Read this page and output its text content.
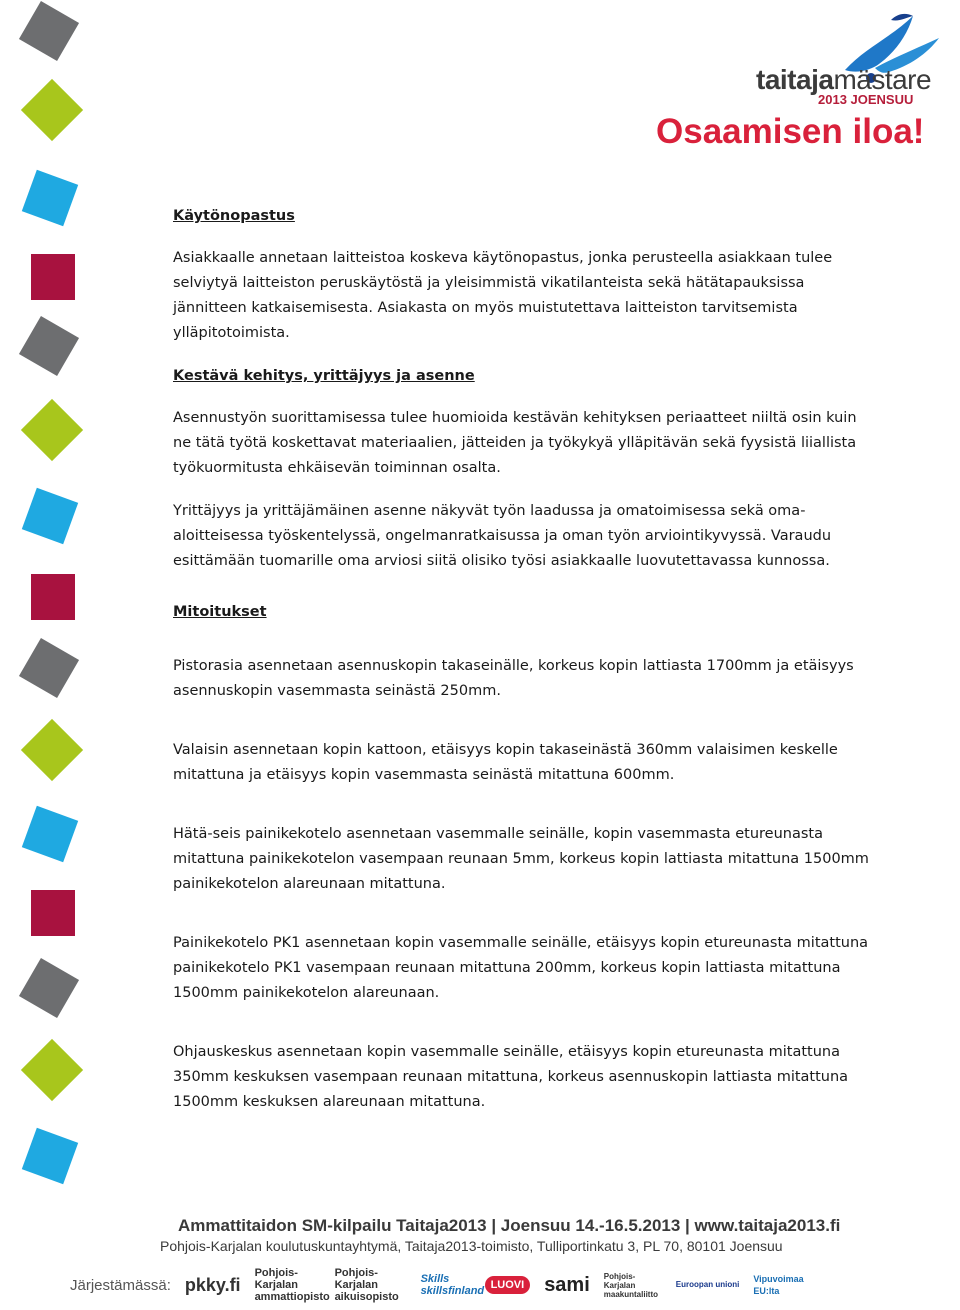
taitajamästare
2013 JOENSUU
Osaamisen iloa!
Käytönopastus

Asiakkaalle annetaan laitteistoa koskeva käytönopastus, jonka perusteella asiakkaan tulee selviytyä laitteiston peruskäytöstä ja yleisimmistä vikatilanteista sekä hätätapauksissa jännitteen katkaisemisesta. Asiakasta on myös muistutettava laitteiston tarvitsemista ylläpitotoimista.

Kestävä kehitys, yrittäjyys ja asenne

Asennustyön suorittamisessa tulee huomioida kestävän kehityksen periaatteet niiltä osin kuin ne tätä työtä koskettavat materiaalien, jätteiden ja työkykyä ylläpitävän sekä fyysistä liiallista työkuormitusta ehkäisevän toiminnan osalta.

Yrittäjyys ja yrittäjämäinen asenne näkyvät työn laadussa ja omatoimisessa sekä oma-aloitteisessa työskentelyssä, ongelmanratkaisussa ja oman työn arviointikyvyssä. Varaudu esittämään tuomarille oma arviosi siitä olisiko työsi asiakkaalle luovutettavassa kunnossa.

Mitoitukset

Pistorasia asennetaan asennuskopin takaseinälle, korkeus kopin lattiasta 1700mm ja etäisyys asennuskopin vasemmasta seinästä 250mm.

Valaisin asennetaan kopin kattoon, etäisyys kopin takaseinästä 360mm valaisimen keskelle mitattuna ja etäisyys kopin vasemmasta seinästä mitattuna 600mm.

Hätä-seis painikekotelo asennetaan vasemmalle seinälle, kopin vasemmasta etureunasta mitattuna painikekotelon vasempaan reunaan 5mm, korkeus kopin lattiasta mitattuna 1500mm painikekotelon alareunaan mitattuna.

Painikekotelo PK1 asennetaan kopin vasemmalle seinälle, etäisyys kopin etureunasta mitattuna painikekotelo PK1 vasempaan reunaan mitattuna 200mm, korkeus kopin lattiasta mitattuna 1500mm painikekotelon alareunaan.

Ohjauskeskus asennetaan kopin vasemmalle seinälle, etäisyys kopin etureunasta mitattuna 350mm keskuksen vasempaan reunaan mitattuna, korkeus asennuskopin lattiasta mitattuna 1500mm keskuksen alareunaan mitattuna.

Ammattitaidon SM-kilpailu Taitaja2013 | Joensuu 14.-16.5.2013 | www.taitaja2013.fi
Pohjois-Karjalan koulutuskuntayhtymä, Taitaja2013-toimisto, Tulliportinkatu 3, PL 70, 80101 Joensuu
Järjestämässä: pkky.fi
Pohjois-Karjalan ammattiopisto
Pohjois-Karjalan aikuisopisto
Skills skillsfinland LUOVI	sami Pohjois-Karjalan maakuntaliitto
Euroopan unioni
Vipuvoimaa EU:lta
